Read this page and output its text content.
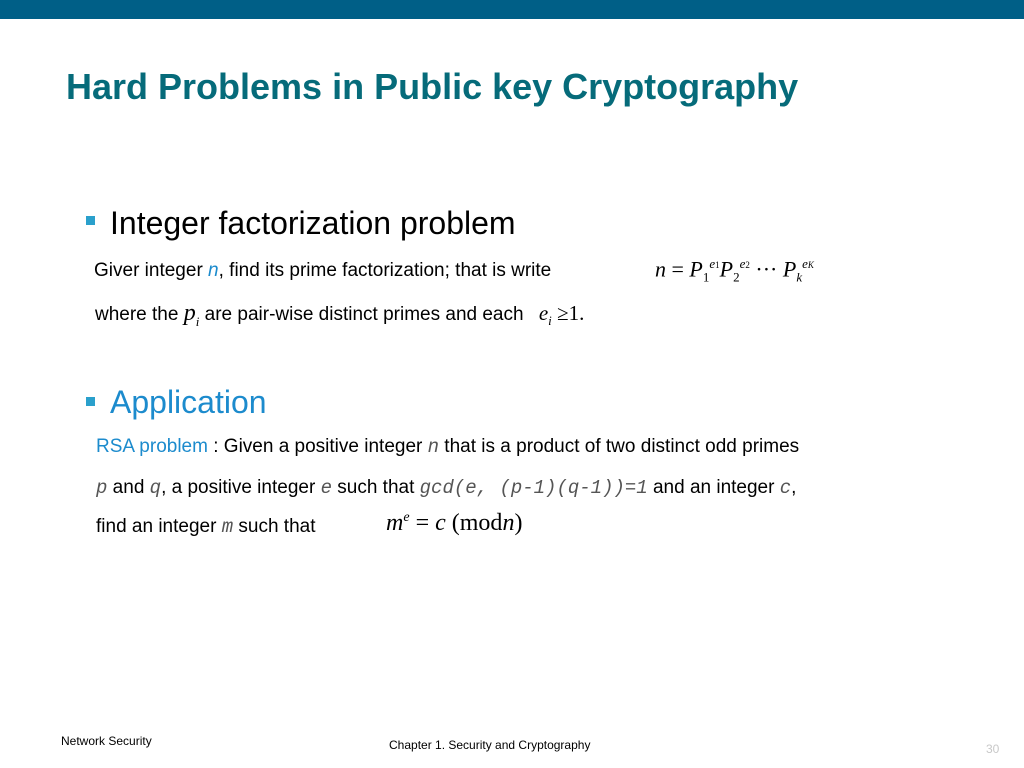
Hard Problems in Public key Cryptography
Integer factorization problem
Giver integer n, find its prime factorization; that is write	$n = P_1^{e1}P_2^{e2}$ ··· $P_k^{eK}$
where the $p_i$ are pair-wise distinct primes and each $e_i \ge 1$.
Application
RSA problem : Given a positive integer n that is a product of two distinct odd primes
p and q, a positive integer e such that gcd(e, (p-1)(q-1))=1 and an integer c,
find an integer m such that	$m^e = c$ (modn)
Network Security	Chapter 1. Security and Cryptography	30
